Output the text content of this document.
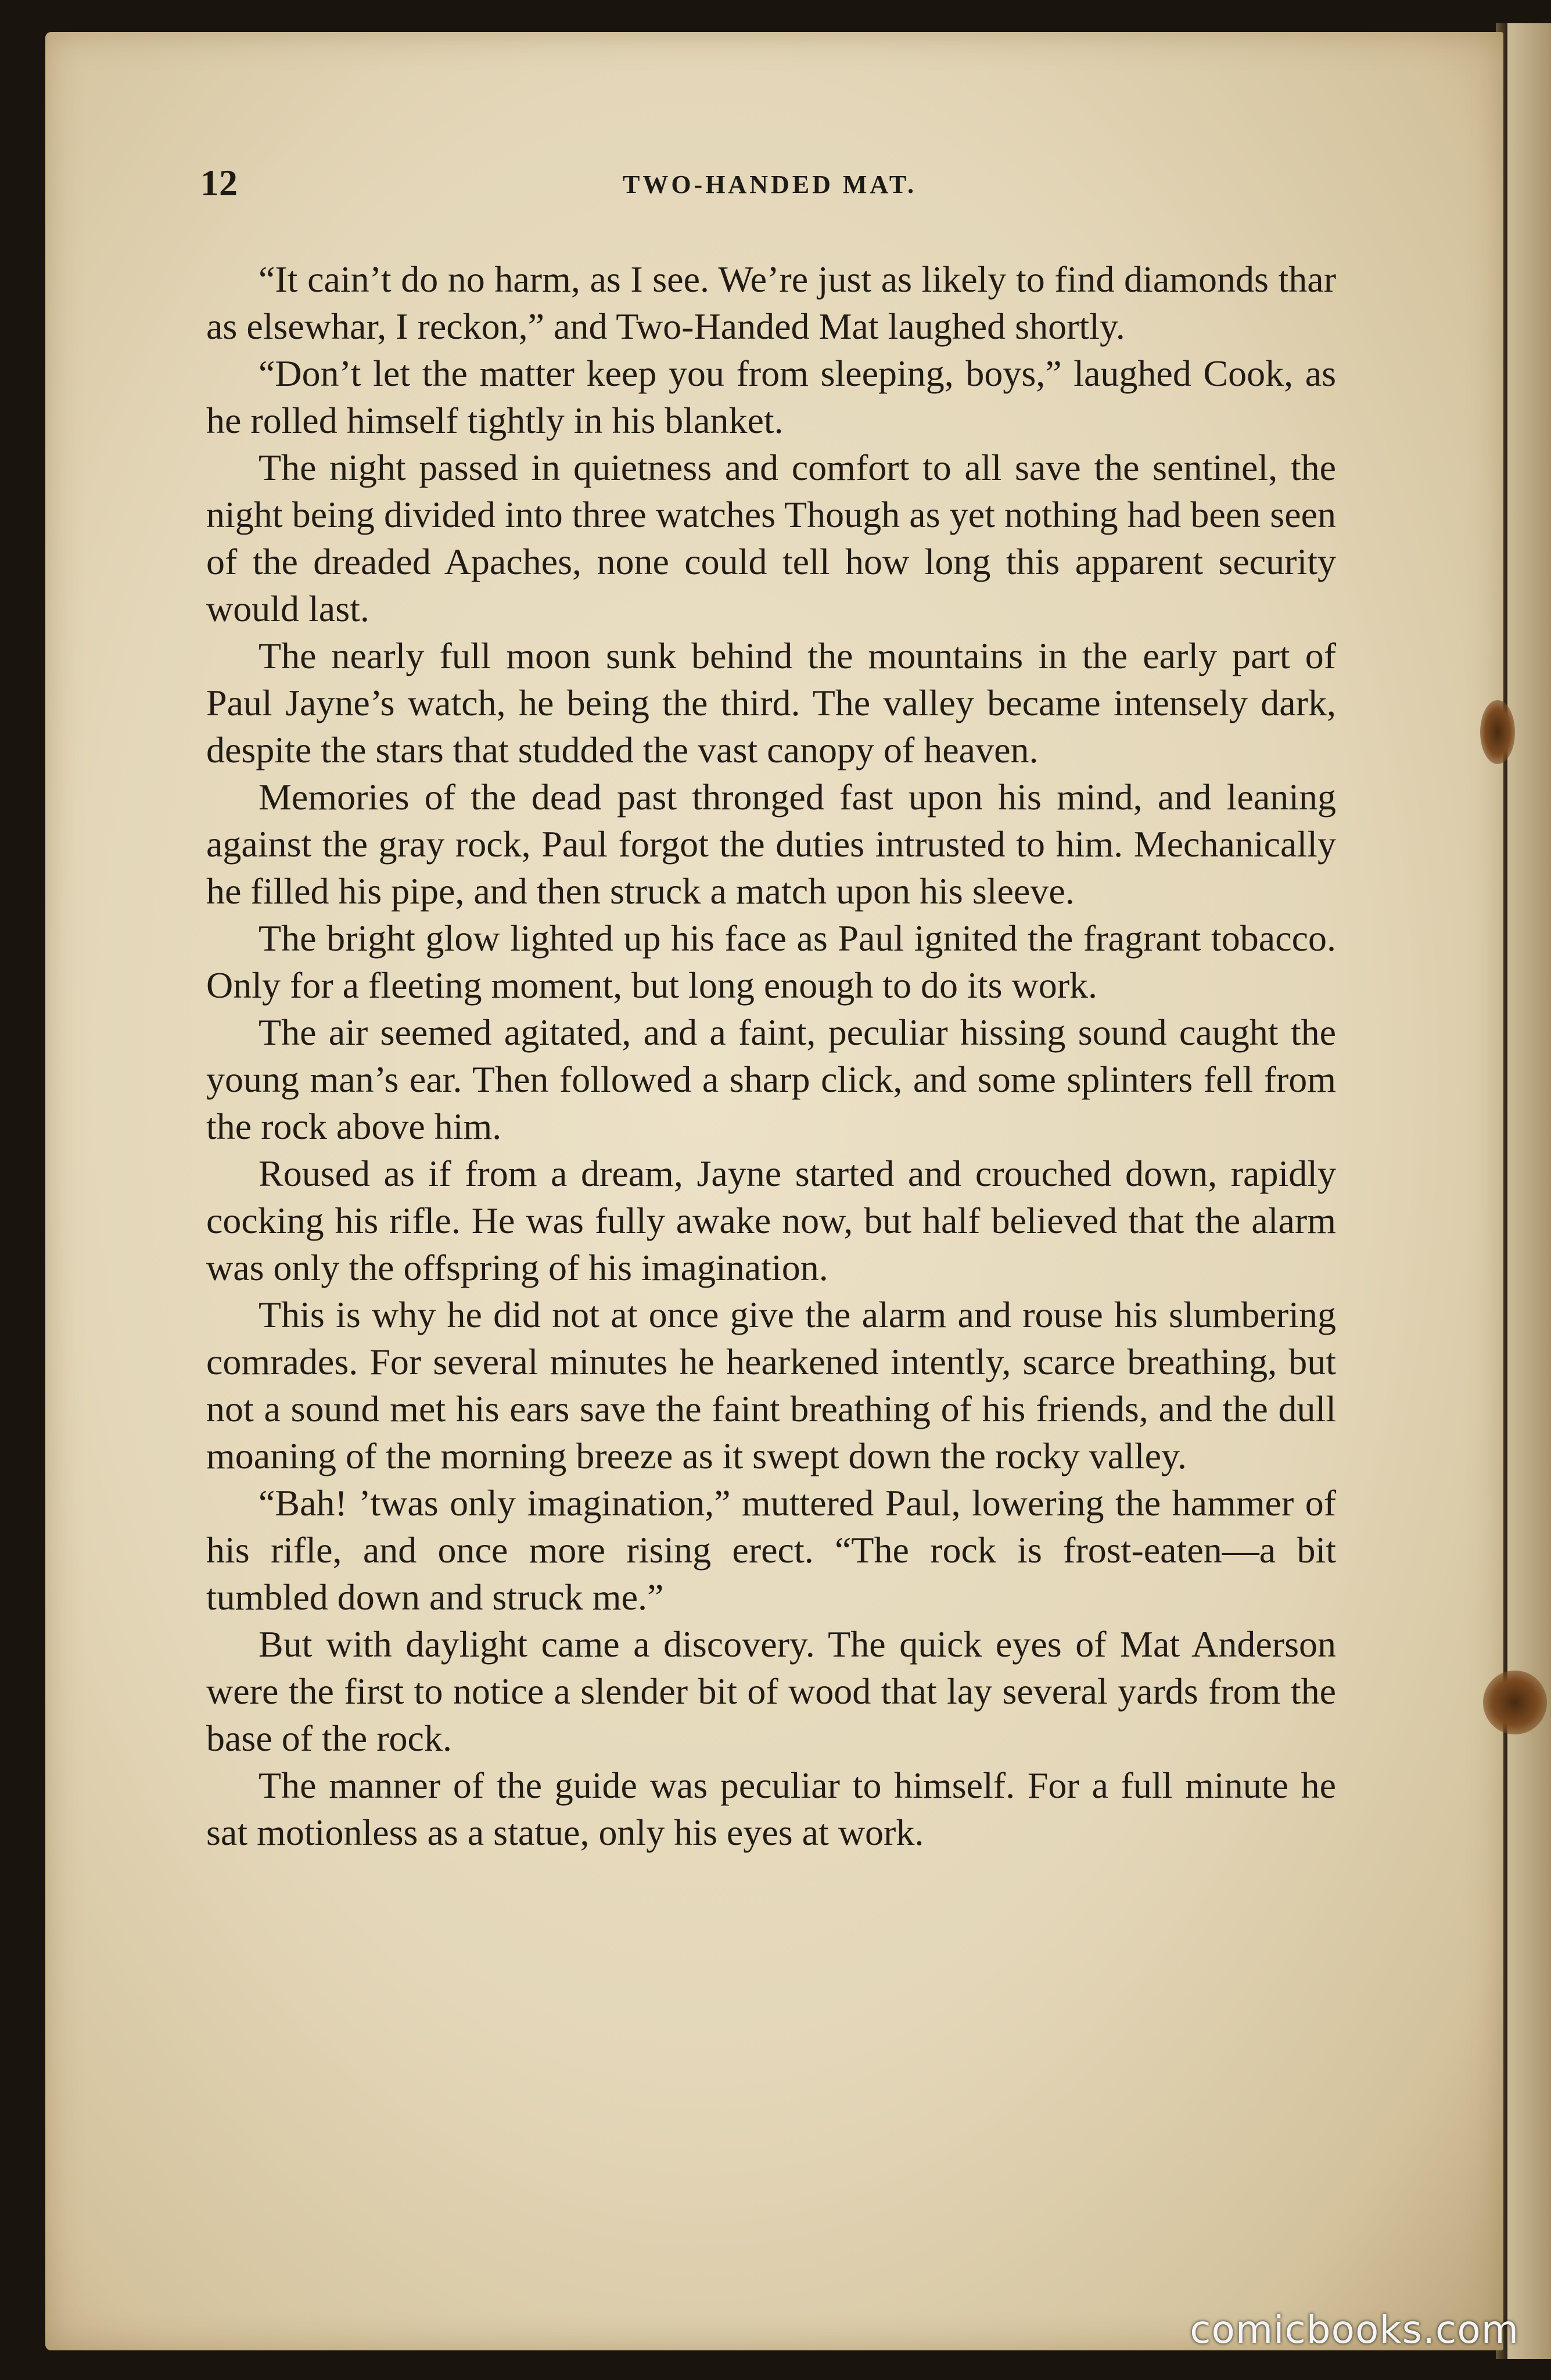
12	TWO-HANDED MAT.

“It cain’t do no harm, as I see. We’re just as likely to find diamonds thar as elsewhar, I reckon,” and Two-Handed Mat laughed shortly.

“Don’t let the matter keep you from sleeping, boys,” laughed Cook, as he rolled himself tightly in his blanket.

The night passed in quietness and comfort to all save the sentinel, the night being divided into three watches Though as yet nothing had been seen of the dreaded Apaches, none could tell how long this apparent security would last.

The nearly full moon sunk behind the mountains in the early part of Paul Jayne’s watch, he being the third. The valley became intensely dark, despite the stars that studded the vast canopy of heaven.

Memories of the dead past thronged fast upon his mind, and leaning against the gray rock, Paul forgot the duties intrusted to him. Mechanically he filled his pipe, and then struck a match upon his sleeve.

The bright glow lighted up his face as Paul ignited the fragrant tobacco. Only for a fleeting moment, but long enough to do its work.

The air seemed agitated, and a faint, peculiar hissing sound caught the young man’s ear. Then followed a sharp click, and some splinters fell from the rock above him.

Roused as if from a dream, Jayne started and crouched down, rapidly cocking his rifle. He was fully awake now, but half believed that the alarm was only the offspring of his imagination.

This is why he did not at once give the alarm and rouse his slumbering comrades. For several minutes he hearkened intently, scarce breathing, but not a sound met his ears save the faint breathing of his friends, and the dull moaning of the morning breeze as it swept down the rocky valley.

“Bah! ’twas only imagination,” muttered Paul, lowering the hammer of his rifle, and once more rising erect. “The rock is frost-eaten—a bit tumbled down and struck me.”

But with daylight came a discovery. The quick eyes of Mat Anderson were the first to notice a slender bit of wood that lay several yards from the base of the rock.

The manner of the guide was peculiar to himself. For a full minute he sat motionless as a statue, only his eyes at work.

comicbooks.com
